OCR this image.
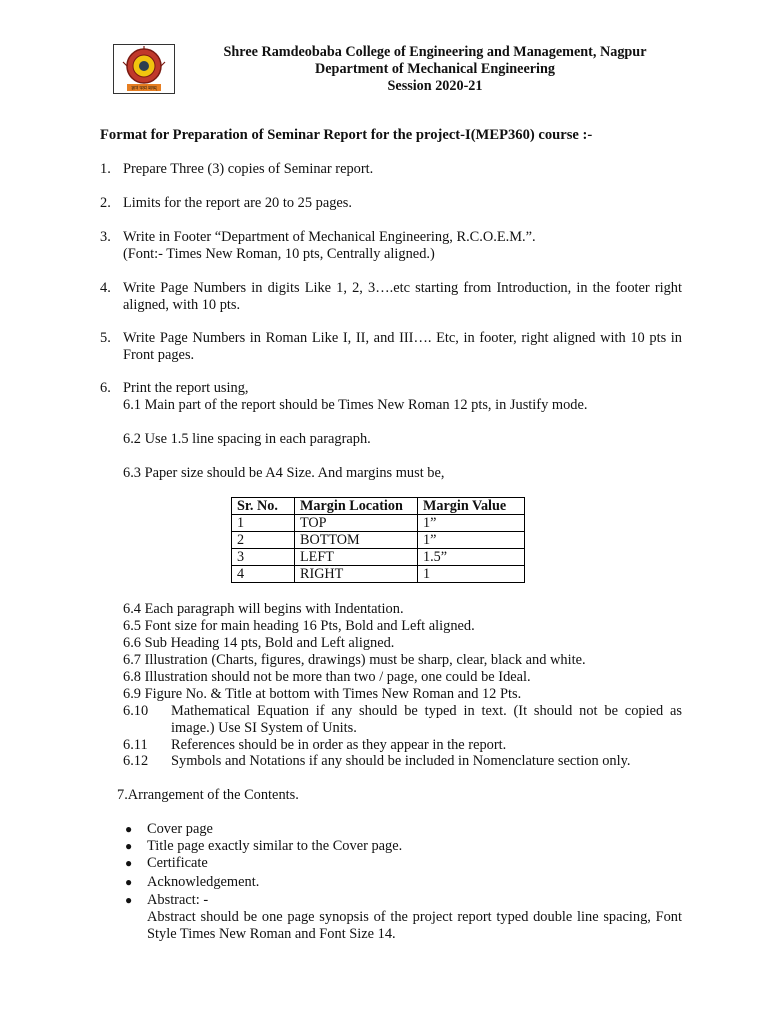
ज्ञानं परमं बलम्
Shree Ramdeobaba College of Engineering and Management, Nagpur
Department of Mechanical Engineering
Session 2020-21
Format for Preparation of Seminar Report for the project-I(MEP360) course :-
1. Prepare Three (3) copies of Seminar report.
2. Limits for the report are 20 to 25 pages.
3. Write in Footer “Department of Mechanical Engineering, R.C.O.E.M.”.
(Font:- Times New Roman, 10 pts, Centrally aligned.)
4. Write Page Numbers in digits Like 1, 2, 3….etc starting from Introduction, in the footer right aligned, with 10 pts.
5. Write Page Numbers in Roman Like I, II, and III…. Etc, in footer, right aligned with 10 pts in Front pages.
6. Print the report using,
6.1 Main part of the report should be Times New Roman 12 pts, in Justify mode.
6.2 Use 1.5 line spacing in each paragraph.
6.3 Paper size should be A4 Size. And margins must be,
Sr. No.	Margin Location	Margin Value
1	TOP	1”
2	BOTTOM	1”
3	LEFT	1.5”
4	RIGHT	1
6.4 Each paragraph will begins with Indentation.
6.5 Font size for main heading 16 Pts, Bold and Left aligned.
6.6 Sub Heading 14 pts, Bold and Left aligned.
6.7 Illustration (Charts, figures, drawings) must be sharp, clear, black and white.
6.8 Illustration should not be more than two / page, one could be Ideal.
6.9 Figure No. & Title at bottom with Times New Roman and 12 Pts.
6.10 Mathematical Equation if any should be typed in text. (It should not be copied as image.) Use SI System of Units.
6.11 References should be in order as they appear in the report.
6.12 Symbols and Notations if any should be included in Nomenclature section only.
7.Arrangement of the Contents.
● Cover page
● Title page exactly similar to the Cover page.
● Certificate
● Acknowledgement.
● Abstract: -
Abstract should be one page synopsis of the project report typed double line spacing, Font Style Times New Roman and Font Size 14.
